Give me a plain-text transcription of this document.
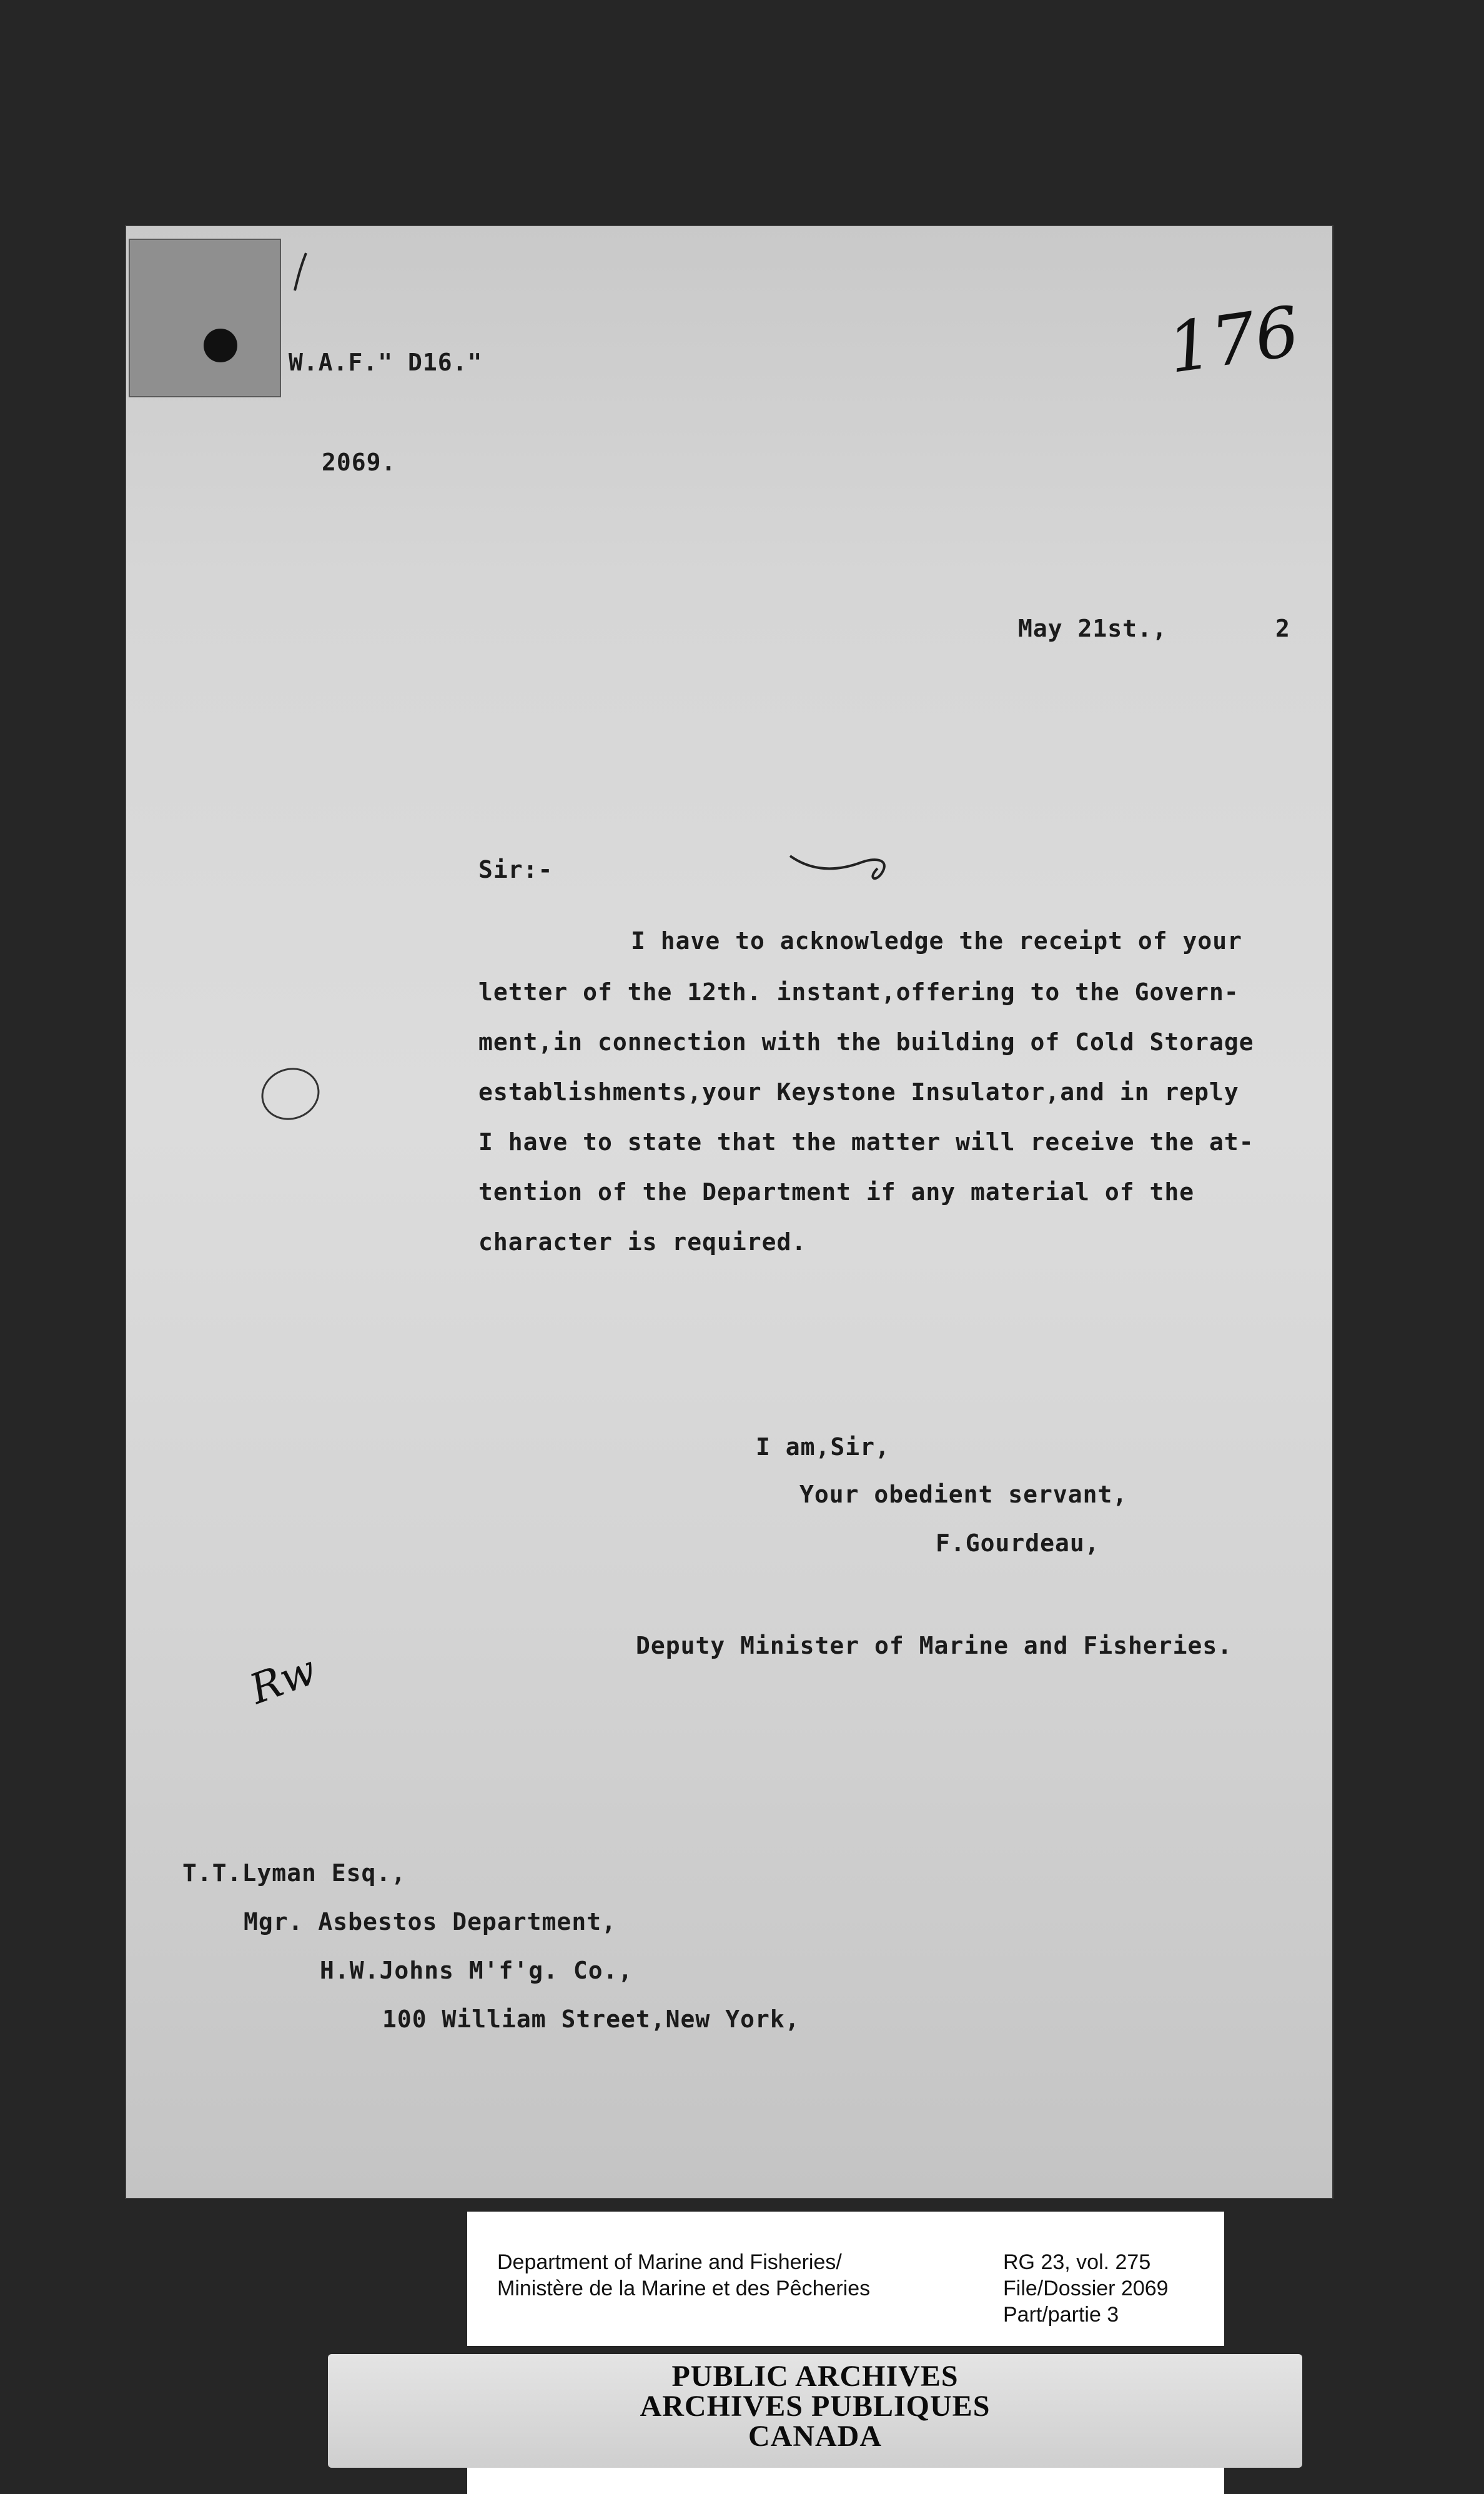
W.A.F." D16."
2069.
May 21st.,	2
Sir:-
I have to acknowledge the receipt of your
letter of the 12th. instant,offering to the Govern-
ment,in connection with the building of Cold Storage
establishments,your Keystone Insulator,and in reply
I have to state that the matter will receive the at-
tention of the Department if any material of the
character is required.
I am,Sir,
Your obedient servant,
F.Gourdeau,
Deputy Minister of Marine and Fisheries.
T.T.Lyman Esq.,
Mgr. Asbestos Department,
H.W.Johns M'f'g. Co.,
100 William Street,New York,
176
Rw
Department of Marine and Fisheries/
Ministère de la Marine et des Pêcheries
RG 23, vol. 275
File/Dossier 2069
Part/partie 3
PUBLIC ARCHIVES
ARCHIVES PUBLIQUES
CANADA
